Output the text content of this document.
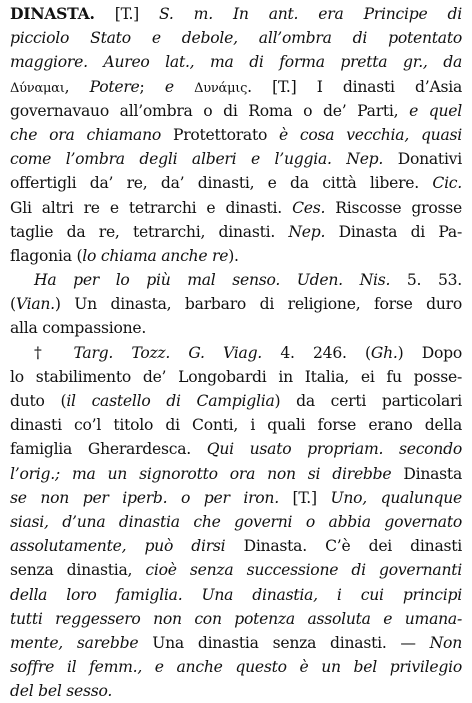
DINASTA. [T.] S. m. In ant. era Principe di
picciolo Stato e debole, all’ombra di potentato
maggiore. Aureo lat., ma di forma pretta gr., da
Δύναμαι, Potere; e Δυνάμις. [T.] I dinasti d’Asia
governavauo all’ombra o di Roma o de’ Parti, e quel
che ora chiamano Protettorato è cosa vecchia, quasi
come l’ombra degli alberi e l’uggia. Nep. Donativi
offertigli da’ re, da’ dinasti, e da città libere. Cic.
Gli altri re e tetrarchi e dinasti. Ces. Riscosse grosse
taglie da re, tetrarchi, dinasti. Nep. Dinasta di Pa-
flagonia (lo chiama anche re).
Ha per lo più mal senso. Uden. Nis. 5. 53.
(Vian.) Un dinasta, barbaro di religione, forse duro
alla compassione.
† Targ. Tozz. G. Viag. 4. 246. (Gh.) Dopo
lo stabilimento de’ Longobardi in Italia, ei fu posse-
duto (il castello di Campiglia) da certi particolari
dinasti co’l titolo di Conti, i quali forse erano della
famiglia Gherardesca. Qui usato propriam. secondo
l’orig.; ma un signorotto ora non si direbbe Dinasta
se non per iperb. o per iron. [T.] Uno, qualunque
siasi, d’una dinastia che governi o abbia governato
assolutamente, può dirsi Dinasta. C’è dei dinasti
senza dinastia, cioè senza successione di governanti
della loro famiglia. Una dinastia, i cui principi
tutti reggessero non con potenza assoluta e umana-
mente, sarebbe Una dinastia senza dinasti. — Non
soffre il femm., e anche questo è un bel privilegio
del bel sesso.
